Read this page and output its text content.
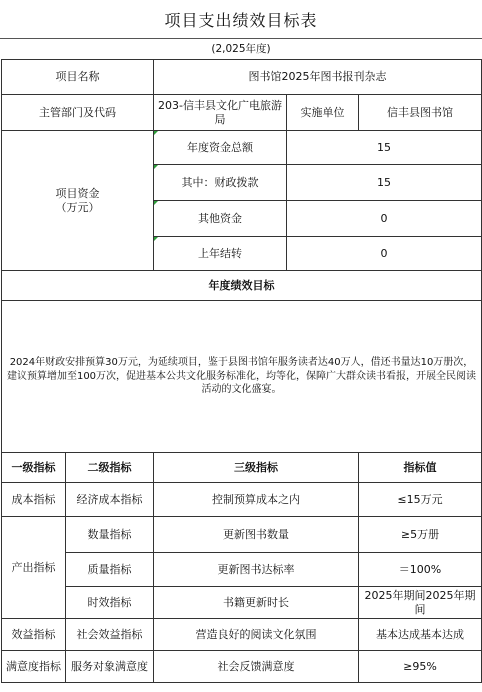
项目支出绩效目标表
(2,025年度)
项目名称		图书馆2025年图书报刊杂志		
主管部门及代码		203-信丰县文化广电旅游局	实施单位	信丰县图书馆
项目资金
（万元）		年度资金总额	15	
		其中：财政拨款	15	
		其他资金	0	
		上年结转	0	
年度绩效目标				
2024年财政安排预算30万元，为延续项目，鉴于县图书馆年服务读者达40万人，借还书量达10万册次，建议预算增加至100万次，促进基本公共文化服务标准化，均等化，保障广大群众读书看报，开展全民阅读活动的文化盛宴。				
一级指标	二级指标	三级指标		指标值
成本指标	经济成本指标	控制预算成本之内		≤15万元
产出指标	数量指标	更新图书数量		≥5万册
	质量指标	更新图书达标率		＝100%
	时效指标	书籍更新时长		2025年期间2025年期间
效益指标	社会效益指标	营造良好的阅读文化氛围		基本达成基本达成
满意度指标	服务对象满意度	社会反馈满意度		≥95%
